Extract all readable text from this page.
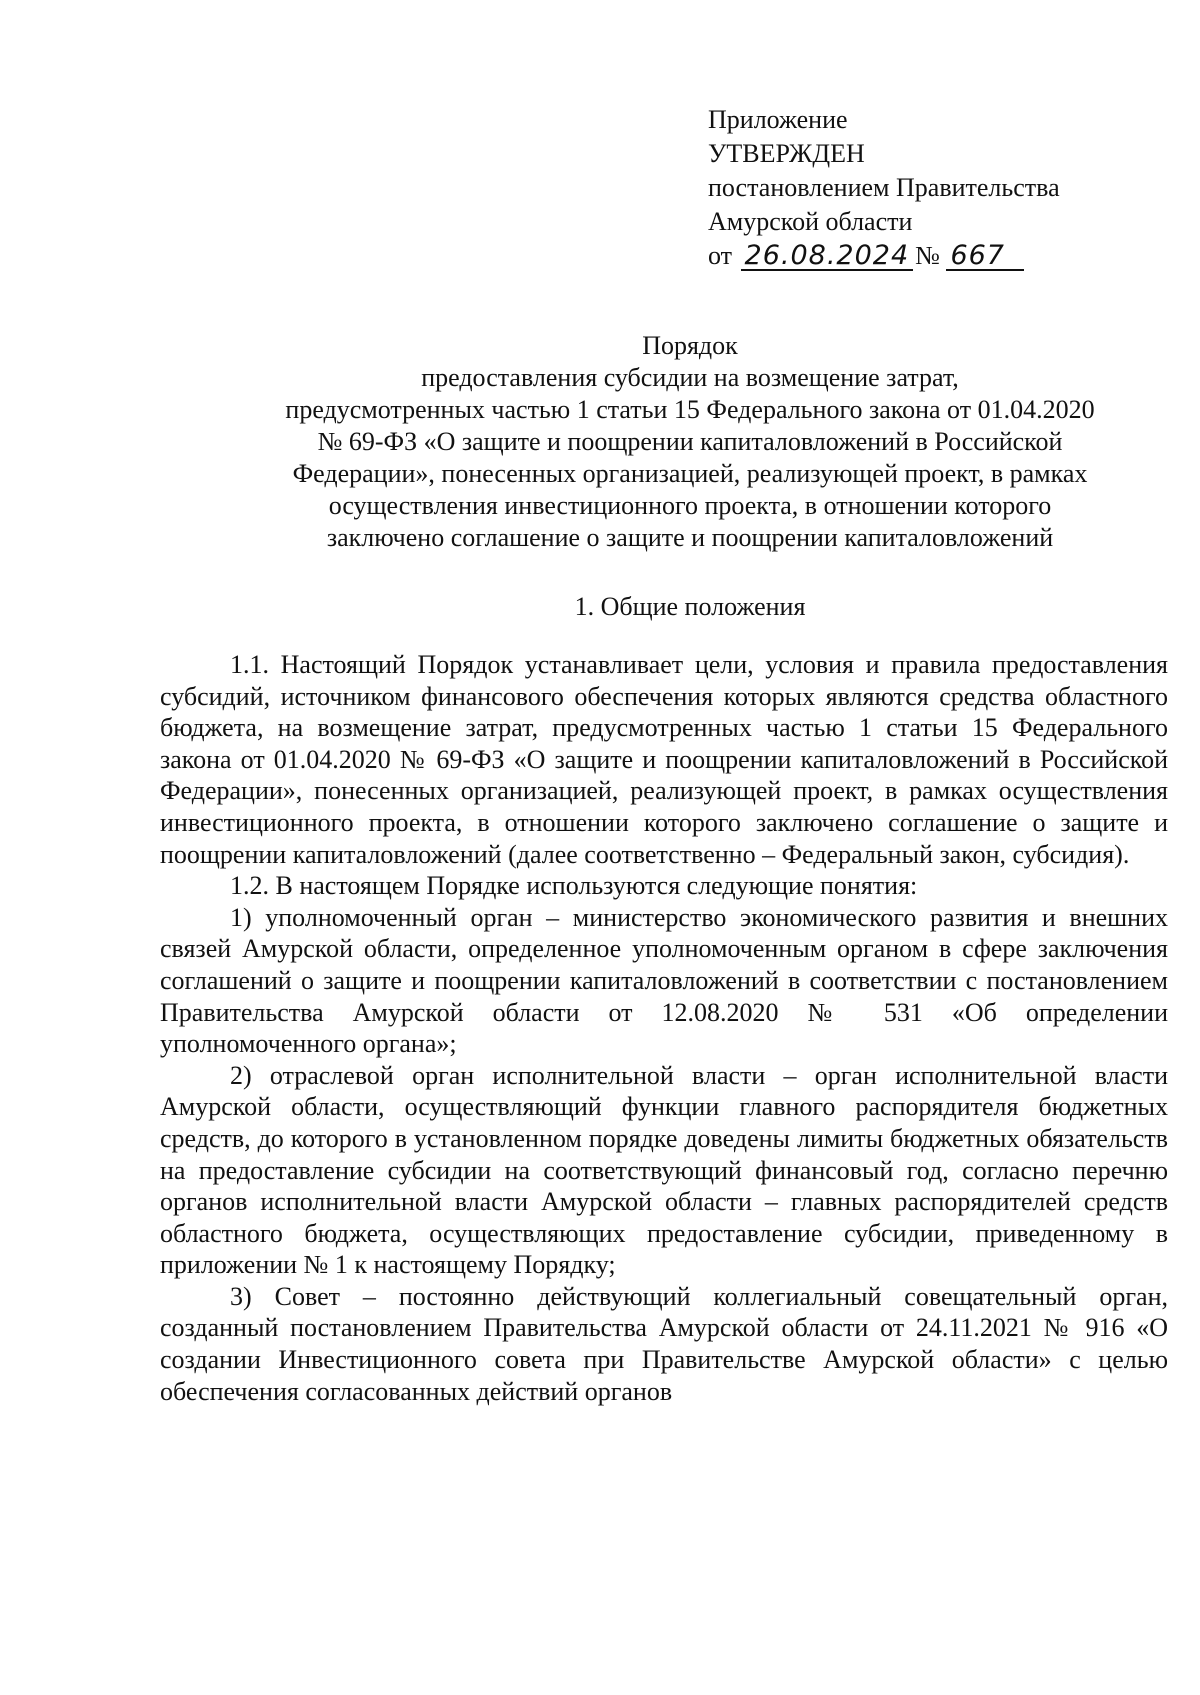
Приложение
УТВЕРЖДЕН
постановлением Правительства
Амурской области
от 26.08.2024 № 667
Порядок
предоставления субсидии на возмещение затрат,
предусмотренных частью 1 статьи 15 Федерального закона от 01.04.2020
№ 69-ФЗ «О защите и поощрении капиталовложений в Российской
Федерации», понесенных организацией, реализующей проект, в рамках
осуществления инвестиционного проекта, в отношении которого
заключено соглашение о защите и поощрении капиталовложений
1. Общие положения

1.1. Настоящий Порядок устанавливает цели, условия и правила предоставления субсидий, источником финансового обеспечения которых являются средства областного бюджета, на возмещение затрат, предусмотренных частью 1 статьи 15 Федерального закона от 01.04.2020 № 69-ФЗ «О защите и поощрении капиталовложений в Российской Федерации», понесенных организацией, реализующей проект, в рамках осуществления инвестиционного проекта, в отношении которого заключено соглашение о защите и поощрении капиталовложений (далее соответственно – Федеральный закон, субсидия).

1.2. В настоящем Порядке используются следующие понятия:

1) уполномоченный орган – министерство экономического развития и внешних связей Амурской области, определенное уполномоченным органом в сфере заключения соглашений о защите и поощрении капиталовложений в соответствии с постановлением Правительства Амурской области от 12.08.2020 № 531 «Об определении уполномоченного органа»;

2) отраслевой орган исполнительной власти – орган исполнительной власти Амурской области, осуществляющий функции главного распорядителя бюджетных средств, до которого в установленном порядке доведены лимиты бюджетных обязательств на предоставление субсидии на соответствующий финансовый год, согласно перечню органов исполнительной власти Амурской области – главных распорядителей средств областного бюджета, осуществляющих предоставление субсидии, приведенному в приложении № 1 к настоящему Порядку;

3) Совет – постоянно действующий коллегиальный совещательный орган, созданный постановлением Правительства Амурской области от 24.11.2021 № 916 «О создании Инвестиционного совета при Правительстве Амурской области» с целью обеспечения согласованных действий органов
